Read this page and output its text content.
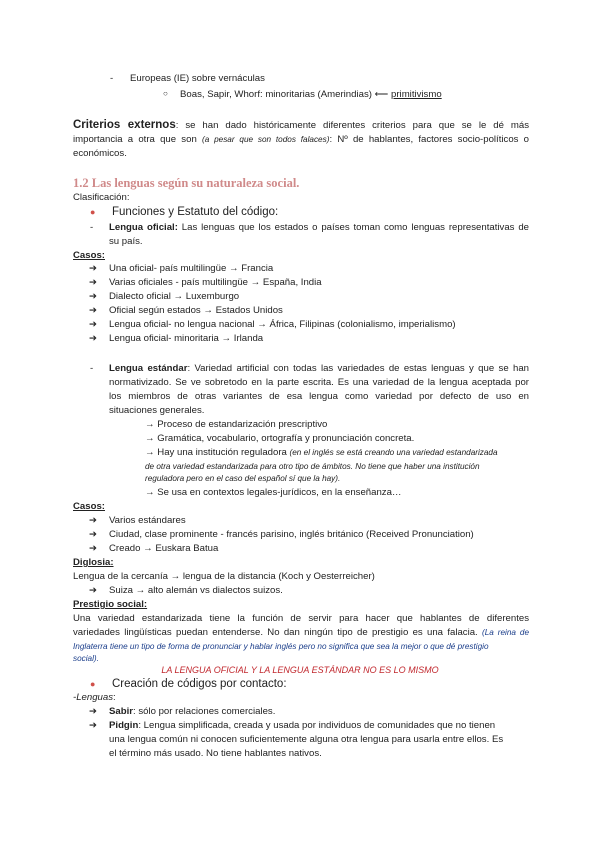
- Europeas (IE) sobre vernáculas
○ Boas, Sapir, Whorf: minoritarias (Amerindias) ⟵ primitivismo
Criterios externos: se han dado históricamente diferentes criterios para que se le dé más
importancia a otra que son (a pesar que son todos falaces): Nº de hablantes, factores socio-políticos o
económicos.
1.2 Las lenguas según su naturaleza social.
Clasificación:
● Funciones y Estatuto del código:
- Lengua oficial: Las lenguas que los estados o países toman como lenguas representativas de
su país.
Casos:
➔ Una oficial- país multilingüe → Francia
➔ Varias oficiales - país multilingüe → España, India
➔ Dialecto oficial → Luxemburgo
➔ Oficial según estados → Estados Unidos
➔ Lengua oficial- no lengua nacional → África, Filipinas (colonialismo, imperialismo)
➔ Lengua oficial- minoritaria → Irlanda
- Lengua estándar: Variedad artificial con todas las variedades de estas lenguas y que se han
normativizado. Se ve sobretodo en la parte escrita. Es una variedad de la lengua aceptada por
los miembros de otras variantes de esa lengua como variedad por defecto de uso en
situaciones generales.
→ Proceso de estandarización prescriptivo
→ Gramática, vocabulario, ortografía y pronunciación concreta.
→ Hay una institución reguladora (en el inglés se está creando una variedad estandarizada
de otra variedad estandarizada para otro tipo de ámbitos. No tiene que haber una institución
reguladora pero en el caso del español sí que la hay).
→ Se usa en contextos legales-jurídicos, en la enseñanza…
Casos:
➔ Varios estándares
➔ Ciudad, clase prominente - francés parisino, inglés británico (Received Pronunciation)
➔ Creado → Euskara Batua
Diglosia:
Lengua de la cercanía → lengua de la distancia (Koch y Oesterreicher)
➔ Suiza → alto alemán vs dialectos suizos.
Prestigio social:
Una variedad estandarizada tiene la función de servir para hacer que hablantes de diferentes
variedades lingüísticas puedan entenderse. No dan ningún tipo de prestigio es una falacia. (La reina de
Inglaterra tiene un tipo de forma de pronunciar y hablar inglés pero no significa que sea la mejor o que dé prestigio
social).
LA LENGUA OFICIAL Y LA LENGUA ESTÁNDAR NO ES LO MISMO
● Creación de códigos por contacto:
-Lenguas:
➔ Sabir: sólo por relaciones comerciales.
➔ Pidgin: Lengua simplificada, creada y usada por individuos de comunidades que no tienen
una lengua común ni conocen suficientemente alguna otra lengua para usarla entre ellos. Es
el término más usado. No tiene hablantes nativos.
